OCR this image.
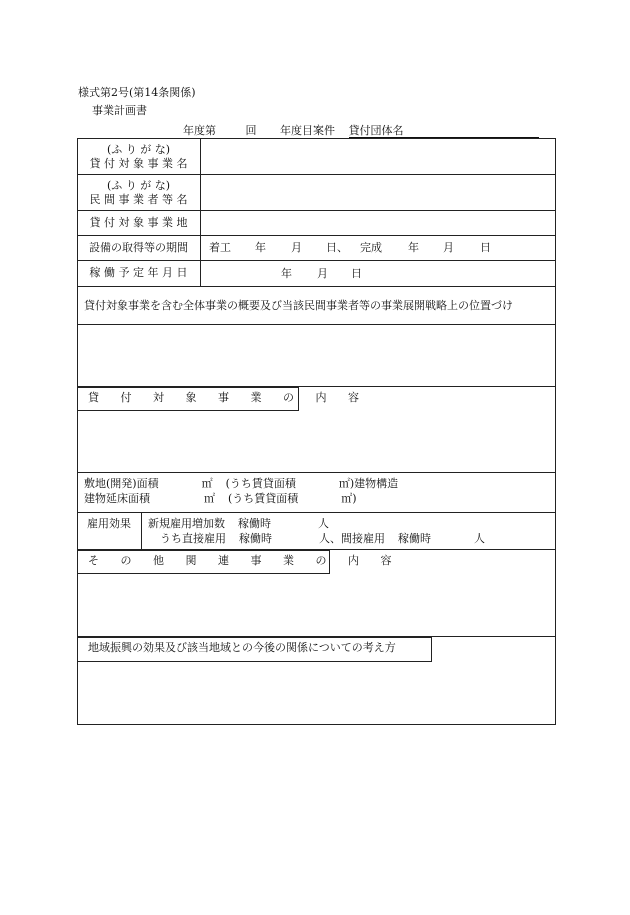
様式第2号(第14条関係)
事業計画書
年度第	回 年度目案件 貸付団体名
(ふ り が な)
貸 付 対 象 事 業 名
(ふ り が な)
民 間 事 業 者 等 名
貸 付 対 象 事 業 地
設備の取得等の期間	着工 年 月 日、 完成 年 月 日
稼 働 予 定 年 月 日	年 月 日
貸付対象事業を含む全体事業の概要及び当該民間事業者等の事業展開戦略上の位置づけ
貸 付 対 象 事 業 の 内 容
敷地(開発)面積	㎡ (うち賃貸面積	㎡)建物構造
建物延床面積	㎡ (うち賃貸面積	㎡)
雇用効果	新規雇用増加数 稼働時	人
うち直接雇用 稼働時	人、間接雇用 稼働時	人
そ の 他 関 連 事 業 の 内 容
地域振興の効果及び該当地域との今後の関係についての考え方
